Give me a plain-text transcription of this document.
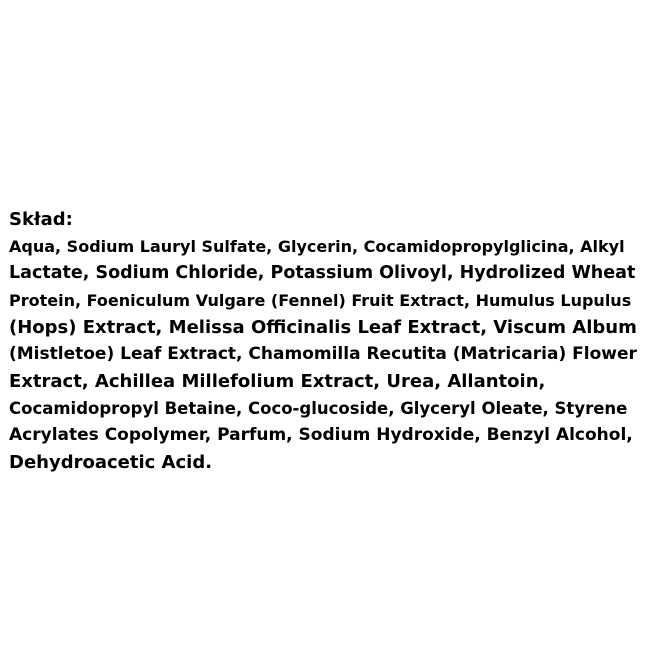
Skład:
Aqua, Sodium Lauryl Sulfate, Glycerin, Cocamidopropylglicina, Alkyl
Lactate, Sodium Chloride, Potassium Olivoyl, Hydrolized Wheat
Protein, Foeniculum Vulgare (Fennel) Fruit Extract, Humulus Lupulus
(Hops) Extract, Melissa Officinalis Leaf Extract, Viscum Album
(Mistletoe) Leaf Extract, Chamomilla Recutita (Matricaria) Flower
Extract, Achillea Millefolium Extract, Urea, Allantoin,
Cocamidopropyl Betaine, Coco-glucoside, Glyceryl Oleate, Styrene
Acrylates Copolymer, Parfum, Sodium Hydroxide, Benzyl Alcohol,
Dehydroacetic Acid.
